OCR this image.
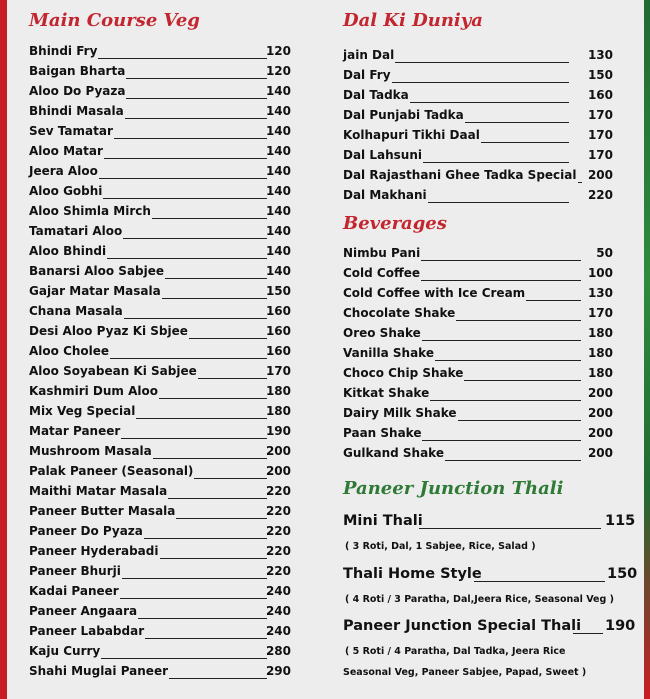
Main Course Veg
Bhindi Fry	120
Baigan Bharta	120
Aloo Do Pyaza	140
Bhindi Masala	140
Sev Tamatar	140
Aloo Matar	140
Jeera Aloo	140
Aloo Gobhi	140
Aloo Shimla Mirch	140
Tamatari Aloo	140
Aloo Bhindi	140
Banarsi Aloo Sabjee	140
Gajar Matar Masala	150
Chana Masala	160
Desi Aloo Pyaz Ki Sbjee	160
Aloo Cholee	160
Aloo Soyabean Ki Sabjee	170
Kashmiri Dum Aloo	180
Mix Veg Special	180
Matar Paneer	190
Mushroom Masala	200
Palak Paneer (Seasonal)	200
Maithi Matar Masala	220
Paneer Butter Masala	220
Paneer Do Pyaza	220
Paneer Hyderabadi	220
Paneer Bhurji	220
Kadai Paneer	240
Paneer Angaara	240
Paneer Lababdar	240
Kaju Curry	280
Shahi Muglai Paneer	290
Dal Ki Duniya
jain Dal	130
Dal Fry	150
Dal Tadka	160
Dal Punjabi Tadka	170
Kolhapuri Tikhi Daal	170
Dal Lahsuni	170
Dal Rajasthani Ghee Tadka Special 200
Dal Makhani	220
Beverages
Nimbu Pani	50
Cold Coffee	100
Cold Coffee with Ice Cream	130
Chocolate Shake	170
Oreo Shake	180
Vanilla Shake	180
Choco Chip Shake	180
Kitkat Shake	200
Dairy Milk Shake	200
Paan Shake	200
Gulkand Shake	200
Paneer Junction Thali
Mini Thali	115
( 3 Roti, Dal, 1 Sabjee, Rice, Salad )
Thali Home Style	150
( 4 Roti / 3 Paratha, Dal,Jeera Rice, Seasonal Veg )
Paneer Junction Special Thali 190
( 5 Roti / 4 Paratha, Dal Tadka, Jeera Rice
Seasonal Veg, Paneer Sabjee, Papad, Sweet )
